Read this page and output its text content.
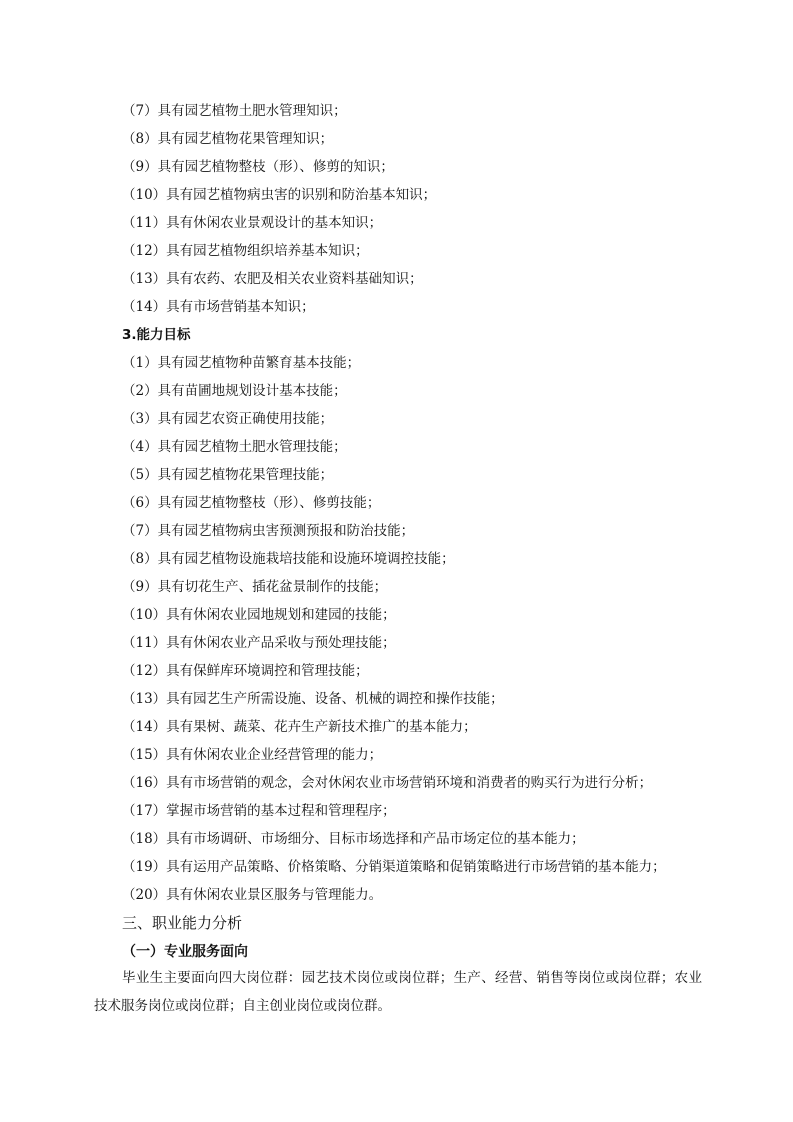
（7）具有园艺植物土肥水管理知识；
（8）具有园艺植物花果管理知识；
（9）具有园艺植物整枝（形）、修剪的知识；
（10）具有园艺植物病虫害的识别和防治基本知识；
（11）具有休闲农业景观设计的基本知识；
（12）具有园艺植物组织培养基本知识；
（13）具有农药、农肥及相关农业资料基础知识；
（14）具有市场营销基本知识；
3.能力目标
（1）具有园艺植物种苗繁育基本技能；
（2）具有苗圃地规划设计基本技能；
（3）具有园艺农资正确使用技能；
（4）具有园艺植物土肥水管理技能；
（5）具有园艺植物花果管理技能；
（6）具有园艺植物整枝（形）、修剪技能；
（7）具有园艺植物病虫害预测预报和防治技能；
（8）具有园艺植物设施栽培技能和设施环境调控技能；
（9）具有切花生产、插花盆景制作的技能；
（10）具有休闲农业园地规划和建园的技能；
（11）具有休闲农业产品采收与预处理技能；
（12）具有保鲜库环境调控和管理技能；
（13）具有园艺生产所需设施、设备、机械的调控和操作技能；
（14）具有果树、蔬菜、花卉生产新技术推广的基本能力；
（15）具有休闲农业企业经营管理的能力；
（16）具有市场营销的观念，会对休闲农业市场营销环境和消费者的购买行为进行分析；
（17）掌握市场营销的基本过程和管理程序；
（18）具有市场调研、市场细分、目标市场选择和产品市场定位的基本能力；
（19）具有运用产品策略、价格策略、分销渠道策略和促销策略进行市场营销的基本能力；
（20）具有休闲农业景区服务与管理能力。
三、职业能力分析
（一）专业服务面向
毕业生主要面向四大岗位群：园艺技术岗位或岗位群；生产、经营、销售等岗位或岗位群；农业技术服务岗位或岗位群；自主创业岗位或岗位群。
